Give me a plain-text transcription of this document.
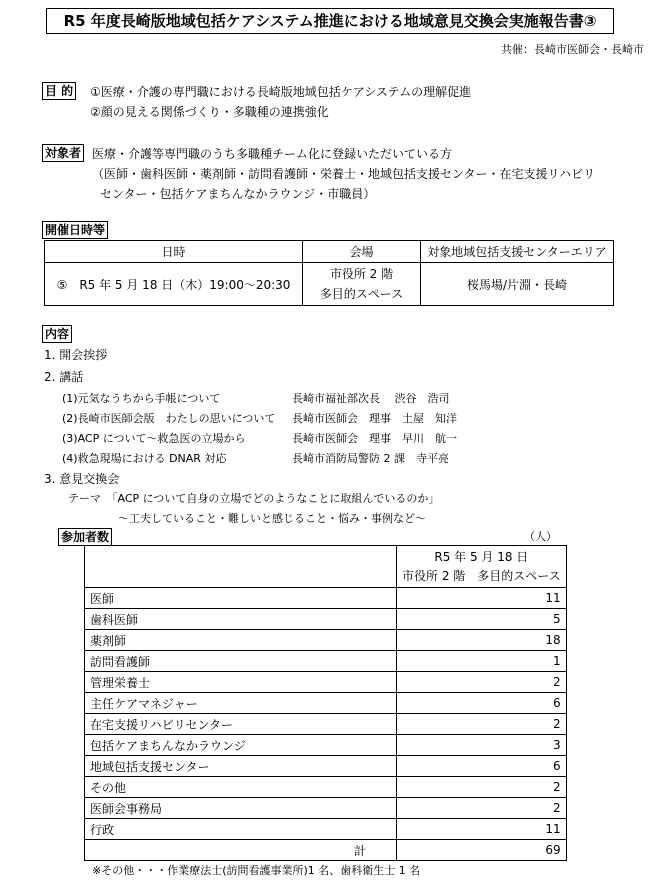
R5 年度長崎版地域包括ケアシステム推進における地域意見交換会実施報告書③
共催：長崎市医師会・長崎市
目 的 ①医療・介護の専門職における長崎版地域包括ケアシステムの理解促進
②顔の見える関係づくり・多職種の連携強化
対象者 医療・介護等専門職のうち多職種チーム化に登録いただいている方
（医師・歯科医師・薬剤師・訪問看護師・栄養士・地域包括支援センター・在宅支援リハビリ
センター・包括ケアまちんなかラウンジ・市職員）
開催日時等
日時	会場	対象地域包括支援センターエリア
⑤　R5 年 5 月 18 日（木）19:00～20:30	市役所 2 階
多目的スペース	桜馬場/片淵・長崎
内容
1. 開会挨拶
2. 講話
(1)元気なうちから手帳について	長崎市福祉部次長　 渋谷　浩司
(2)長崎市医師会版　わたしの思いについて 長崎市医師会　理事　土屋　知洋
(3)ACP について～救急医の立場から	長崎市医師会　理事　早川　航一
(4)救急現場における DNAR 対応	長崎市消防局警防 2 課　寺平亮
3. 意見交換会
テーマ　「ACP について自身の立場でどのようなことに取組んでいるのか」
～工夫していること・難しいと感じること・悩み・事例など～
参加者数	（人）

	R5 年 5 月 18 日
市役所 2 階　多目的スペース

医師	11
歯科医師	5
薬剤師	18
訪問看護師	1
管理栄養士	2
主任ケアマネジャー	6
在宅支援リハビリセンター	2
包括ケアまちんなかラウンジ	3
地域包括支援センター	6
その他	2
医師会事務局	2
行政	11
計	69
※その他・・・作業療法士(訪問看護事業所)1 名、歯科衛生士 1 名
